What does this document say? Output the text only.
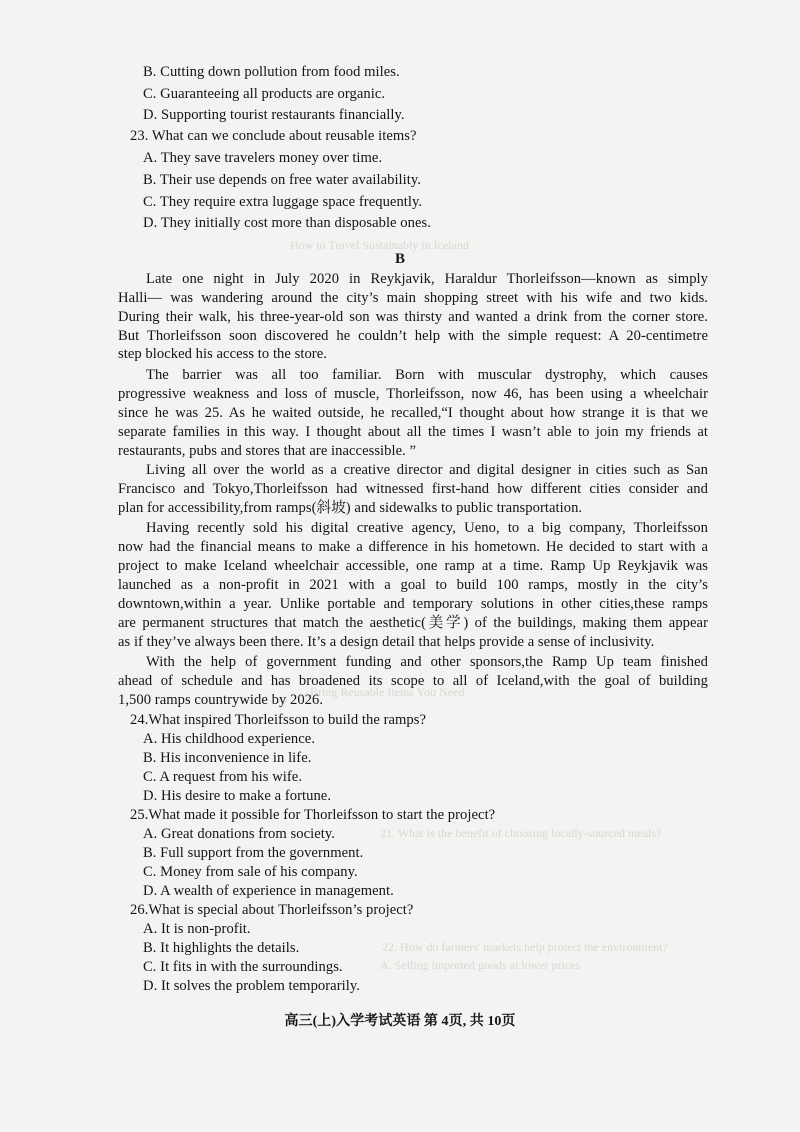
How to Travel Sustainably in Iceland
Bring Reusable Items You Need
21. What is the benefit of choosing locally-sourced meals?
22. How do farmers' markets help protect the environment?
A. Selling imported goods at lower prices
B. Cutting down pollution from food miles.
C. Guaranteeing all products are organic.
D. Supporting tourist restaurants financially.
23. What can we conclude about reusable items?
A. They save travelers money over time.
B. Their use depends on free water availability.
C. They require extra luggage space frequently.
D. They initially cost more than disposable ones.
B
Late one night in July 2020 in Reykjavik, Haraldur Thorleifsson—known as simply
Halli— was wandering around the city’s main shopping street with his wife and two kids.
During their walk, his three-year-old son was thirsty and wanted a drink from the corner store.
But Thorleifsson soon discovered he couldn’t help with the simple request: A 20-centimetre
step blocked his access to the store.
The barrier was all too familiar. Born with muscular dystrophy, which causes
progressive weakness and loss of muscle, Thorleifsson, now 46, has been using a wheelchair
since he was 25. As he waited outside, he recalled,“I thought about how strange it is that we
separate families in this way. I thought about all the times I wasn’t able to join my friends at
restaurants, pubs and stores that are inaccessible. ”
Living all over the world as a creative director and digital designer in cities such as San
Francisco and Tokyo,Thorleifsson had witnessed first-hand how different cities consider and
plan for accessibility,from ramps(斜坡) and sidewalks to public transportation.
Having recently sold his digital creative agency, Ueno, to a big company, Thorleifsson
now had the financial means to make a difference in his hometown. He decided to start with a
project to make Iceland wheelchair accessible, one ramp at a time. Ramp Up Reykjavik was
launched as a non-profit in 2021 with a goal to build 100 ramps, mostly in the city’s
downtown,within a year. Unlike portable and temporary solutions in other cities,these ramps
are permanent structures that match the aesthetic(美学) of the buildings, making them appear
as if they’ve always been there. It’s a design detail that helps provide a sense of inclusivity.
With the help of government funding and other sponsors,the Ramp Up team finished
ahead of schedule and has broadened its scope to all of Iceland,with the goal of building
1,500 ramps countrywide by 2026.
24.What inspired Thorleifsson to build the ramps?
A. His childhood experience.
B. His inconvenience in life.
C. A request from his wife.
D. His desire to make a fortune.
25.What made it possible for Thorleifsson to start the project?
A. Great donations from society.
B. Full support from the government.
C. Money from sale of his company.
D. A wealth of experience in management.
26.What is special about Thorleifsson’s project?
A. It is non-profit.
B. It highlights the details.
C. It fits in with the surroundings.
D. It solves the problem temporarily.
高三(上)入学考试英语 第 4页, 共 10页
